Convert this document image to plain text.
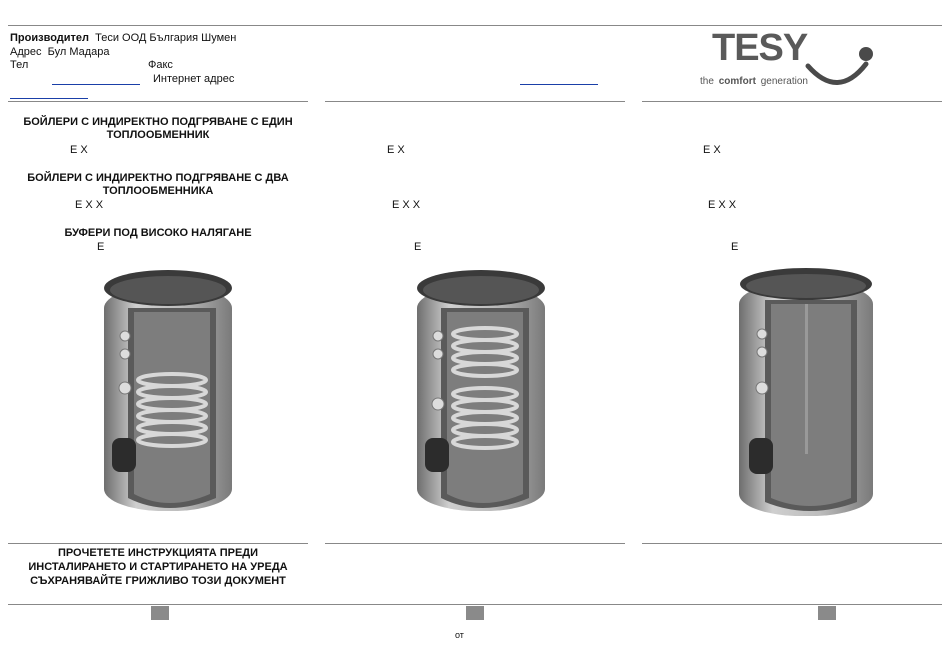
Производител Теси ООД България Шумен
Адрес Бул Мадара
Тел	Факс
Интернет адрес
TESY
the comfort generation
БОЙЛЕРИ С ИНДИРЕКТНО ПОДГРЯВАНЕ С ЕДИН
ТОПЛООБМЕННИК
Е Х
БОЙЛЕРИ С ИНДИРЕКТНО ПОДГРЯВАНЕ С ДВА
ТОПЛООБМЕННИКА
Е Х Х
БУФЕРИ ПОД ВИСОКО НАЛЯГАНЕ
Е
Е Х
Е Х Х
Е
Е Х
Е Х Х
Е
ПРОЧЕТЕТЕ ИНСТРУКЦИЯТА ПРЕДИ
ИНСТАЛИРАНЕТО И СТАРТИРАНЕТО НА УРЕДА
СЪХРАНЯВАЙТЕ ГРИЖЛИВО ТОЗИ ДОКУМЕНТ
от
